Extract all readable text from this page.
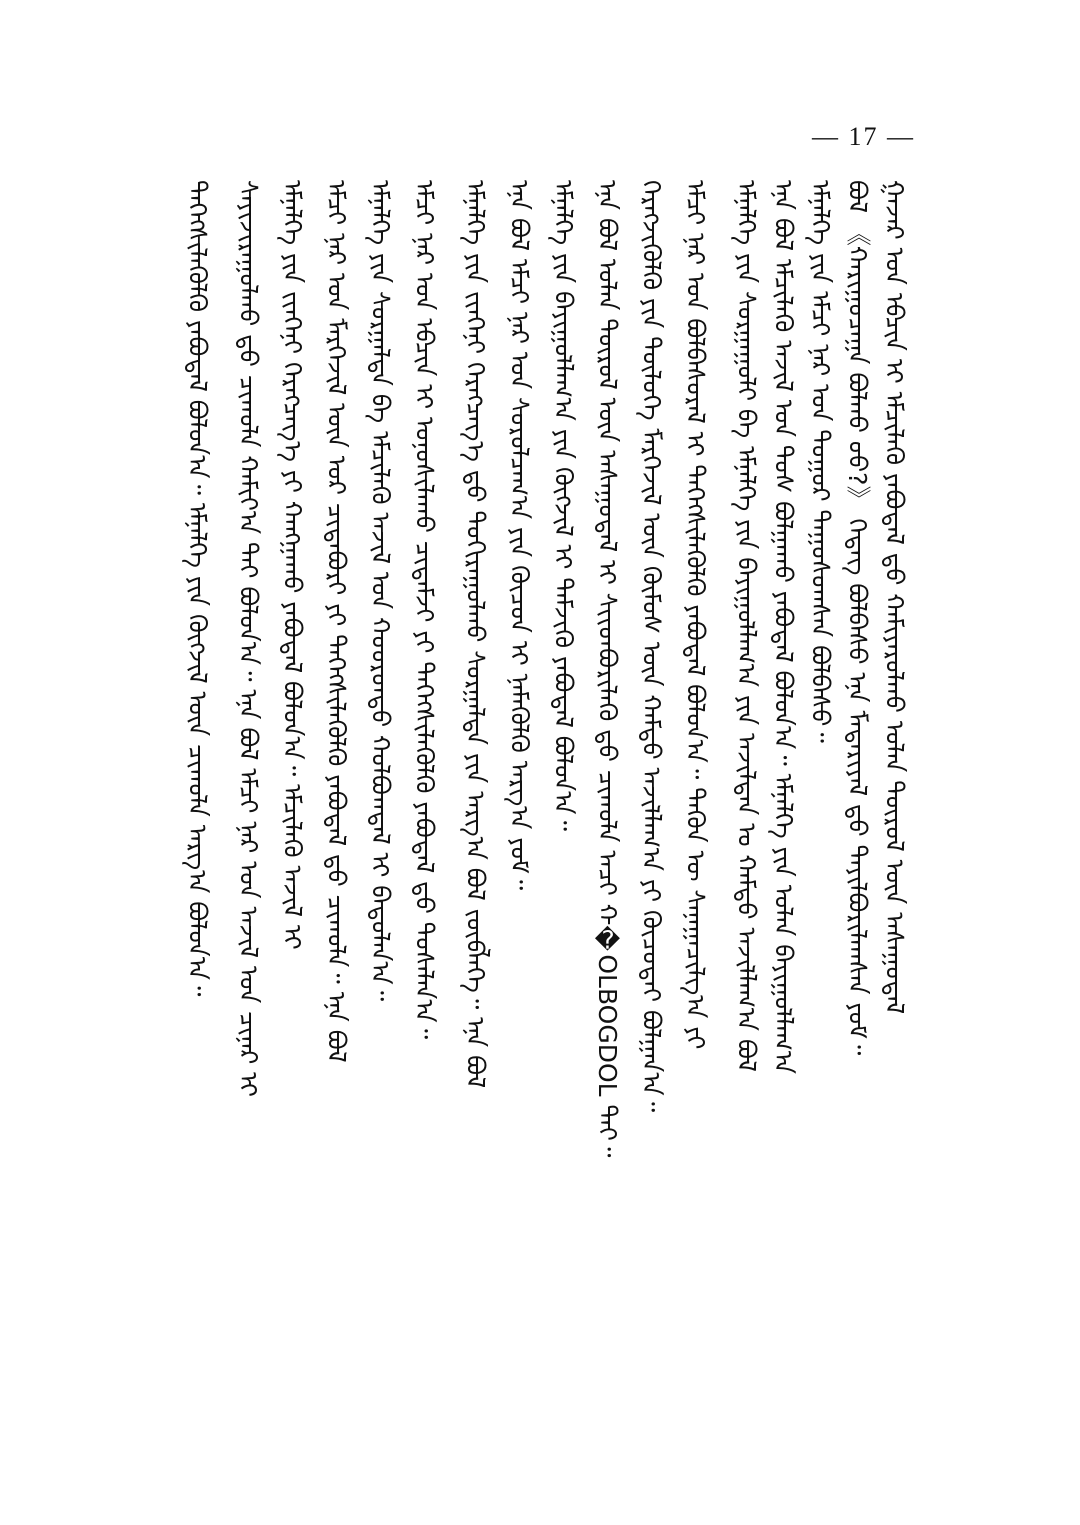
— 17 —
ᠭᠠᠵᠠᠷ ᠤᠨ ᠡᠪᠴᠢᠨ ᠢ ᠡᠮᠴᠢᠯᠡᠬᠦ ᠶᠠᠪᠤᠳᠠᠯ ᠳ᠋ᠤ ᠬᠠᠮᠢᠶᠠᠷᠤᠯᠬᠤ ᠣᠯᠠᠨ ᠲᠥᠷᠦᠯ ᠦᠨ ᠠᠰᠠᠭᠤᠳᠠᠯ
ᠪᠣᠯ 《ᠬᠠᠷᠢᠭᠤᠴᠠᠭᠠ ᠪᠣᠯᠬᠤ ᠤᠤ?》 ᠭᠡᠳᠡᠭ ᠪᠣᠯᠪᠠᠰᠤ ᠡᠨᠡ ᠮᠠᠲᠠᠷᠢᠶᠠᠯ ᠳ᠋ᠤ ᠲᠠᠶᠢᠯᠪᠤᠷᠢᠯᠠᠭᠰᠠᠨ ᠶᠤᠮ᠃
ᠡᠮᠨᠡᠯᠭᠡ ᠶᠢᠨ ᠡᠮᠴᠢ ᠨᠠᠷ ᠤᠨ ᠳᠤᠭᠤᠷ ᠳᠠᠭᠤᠰᠤᠭᠰᠠᠨ ᠪᠣᠯᠪᠠᠰᠤ᠃
ᠡᠨᠡ ᠪᠣᠯ ᠡᠮᠴᠢᠯᠡᠬᠦ ᠠᠵᠢᠯ ᠤᠨ ᠲᠤᠰ ᠪᠣᠯᠭᠠᠬᠤ ᠶᠠᠪᠤᠳᠠᠯ ᠪᠣᠯᠤᠨ᠎ᠠ᠃ ᠡᠮᠨᠡᠯᠭᠡ ᠶᠢᠨ ᠣᠯᠠᠨ ᠪᠠᠶᠢᠭᠤᠯᠯᠠᠭ᠎ᠠ
ᠡᠮᠨᠡᠯᠭᠡ ᠶᠢᠨ ᠰᠤᠷᠭᠠᠭᠤᠯᠢ ᠪᠠ ᠡᠮᠨᠡᠯᠭᠡ ᠶᠢᠨ ᠪᠠᠶᠢᠭᠤᠯᠯᠠᠭ᠎ᠠ ᠶᠢᠨ ᠠᠵᠢᠯᠲᠠᠨ ᠤ ᠬᠠᠮᠲᠤ ᠠᠵᠢᠯᠯᠠᠭ᠎ᠠ ᠪᠣᠯ
ᠡᠮᠴᠢ ᠨᠠᠷ ᠤᠨ ᠪᠣᠯᠪᠠᠰᠤᠷᠠᠯ ᠢ ᠳᠡᠭᠡᠭᠰᠢᠯᠡᠭᠦᠯᠬᠦ ᠶᠠᠪᠤᠳᠠᠯ ᠪᠣᠯᠤᠨ᠎ᠠ᠃ ᠲᠡᠭᠦᠨ ᠦ ᠰᠠᠨᠠᠭᠠᠴᠢᠯᠭ᠎ᠠ ᠶᠢ
ᠬᠡᠷᠡᠭᠵᠢᠭᠦᠯᠬᠦ ᠶᠢᠨ ᠲᠥᠯᠥᠭᠡ ᠮᠡᠷᠭᠡᠵᠢᠯ ᠦᠨ ᠬᠦᠮᠦᠰ ᠦᠨ ᠬᠠᠮᠲᠤ ᠠᠵᠢᠯᠯᠠᠭ᠎ᠠ ᠶᠢ ᠬᠦᠴᠦᠲᠡᠢ ᠪᠣᠯᠭᠠᠨ᠎ᠠ᠃
ᠡᠨᠡ ᠪᠣᠯ ᠣᠯᠠᠨ ᠲᠥᠷᠦᠯ ᠦᠨ ᠠᠰᠠᠭᠤᠳᠠᠯ ᠢ ᠰᠢᠢᠳᠪᠥᠷᠢᠯᠡᠬᠦ ᠳ᠋ᠤ ᠴᠢᠬᠤᠯᠠ ᠠᠴᠢ ᠬ�OLBOGDOL ᠲᠠᠢ᠃
ᠡᠮᠨᠡᠯᠭᠡ ᠶᠢᠨ ᠪᠠᠶᠢᠭᠤᠯᠯᠠᠭ᠎ᠠ ᠶᠢᠨ ᠬᠥᠭᠵᠢᠯ ᠢ ᠳᠡᠮᠵᠢᠬᠦ ᠶᠠᠪᠤᠳᠠᠯ ᠪᠣᠯᠤᠨ᠎ᠠ᠃
ᠡᠨᠡ ᠪᠣᠯ ᠡᠮᠴᠢ ᠨᠠᠷ ᠤᠨ ᠰᠤᠷᠤᠯᠴᠠᠭ᠎ᠠ ᠶᠢᠨ ᠬᠦᠴᠦᠨ ᠢ ᠨᠡᠮᠡᠭᠦᠯᠬᠦ ᠠᠷᠭ᠎ᠠ ᠶᠤᠮ᠃
ᠡᠮᠨᠡᠯᠭᠡ ᠶᠢᠨ ᠵᠢᠨᠬᠡᠨᠢ ᠬᠡᠷᠡᠭᠴᠡᠭ᠎ᠡ ᠳ᠋ᠤ ᠲᠣᠬᠢᠷᠠᠭᠤᠯᠬᠤ ᠰᠤᠷᠭᠠᠯᠲᠠ ᠶᠢᠨ ᠠᠷᠭ᠎ᠠ ᠪᠣᠯ ᠵᠥᠪᠯᠡᠭᠡ᠃ ᠡᠨᠡ ᠪᠣᠯ
ᠡᠮᠴᠢ ᠨᠠᠷ ᠤᠨ ᠡᠪᠴᠢᠨ ᠢ ᠣᠨᠤᠰᠢᠯᠠᠬᠤ ᠴᠢᠳᠠᠮᠵᠢ ᠶᠢ ᠳᠡᠭᠡᠭᠰᠢᠯᠡᠭᠦᠯᠬᠦ ᠶᠠᠪᠤᠳᠠᠯ ᠳ᠋ᠤ ᠲᠤᠰᠠᠯᠠᠨ᠎ᠠ᠃
ᠡᠮᠨᠡᠯᠭᠡ ᠶᠢᠨ ᠰᠤᠷᠭᠠᠯᠲᠠ ᠪᠠ ᠡᠮᠴᠢᠯᠡᠬᠦ ᠠᠵᠢᠯ ᠤᠨ ᠬᠣᠣᠷᠣᠨᠳᠤ ᠬᠣᠯᠪᠣᠭᠳᠠᠯ ᠢ ᠪᠠᠲᠤᠯᠠᠨ᠎ᠠ᠃
ᠡᠮᠴᠢ ᠨᠠᠷ ᠤᠨ ᠮᠡᠷᠭᠡᠵᠢᠯ ᠦᠨ ᠤᠷ ᠴᠢᠳᠠᠪᠤᠷᠢ ᠶᠢ ᠳᠡᠭᠡᠭᠰᠢᠯᠡᠭᠦᠯᠬᠦ ᠶᠠᠪᠤᠳᠠᠯ ᠳ᠋ᠤ ᠴᠢᠬᠤᠯᠠ᠃ ᠡᠨᠡ ᠪᠣᠯ
ᠡᠮᠨᠡᠯᠭᠡ ᠶᠢᠨ ᠵᠢᠨᠬᠡᠨᠢ ᠬᠡᠷᠡᠭᠴᠡᠭ᠎ᠡ ᠶᠢ ᠬᠠᠩᠭᠠᠬᠤ ᠶᠠᠪᠤᠳᠠᠯ ᠪᠣᠯᠤᠨ᠎ᠠ᠃ ᠡᠮᠴᠢᠯᠡᠬᠦ ᠠᠵᠢᠯ ᠢ
ᠰᠠᠶᠢᠵᠢᠷᠠᠭᠤᠯᠬᠤ ᠳ᠋ᠤ ᠴᠢᠬᠤᠯᠠ ᠬᠠᠮᠢᠶ᠎ᠠ ᠲᠠᠢ ᠪᠣᠯᠤᠨ᠎ᠠ᠃ ᠡᠨᠡ ᠪᠣᠯ ᠡᠮᠴᠢ ᠨᠠᠷ ᠤᠨ ᠠᠵᠢᠯ ᠤᠨ ᠴᠢᠨᠠᠷ ᠢ
ᠳᠡᠭᠡᠭᠰᠢᠯᠡᠭᠦᠯᠬᠦ ᠶᠠᠪᠤᠳᠠᠯ ᠪᠣᠯᠤᠨ᠎ᠠ᠃ ᠡᠮᠨᠡᠯᠭᠡ ᠶᠢᠨ ᠬᠥᠭᠵᠢᠯ ᠦᠨ ᠴᠢᠬᠤᠯᠠ ᠠᠷᠭ᠎ᠠ ᠪᠣᠯᠤᠨ᠎ᠠ᠃
